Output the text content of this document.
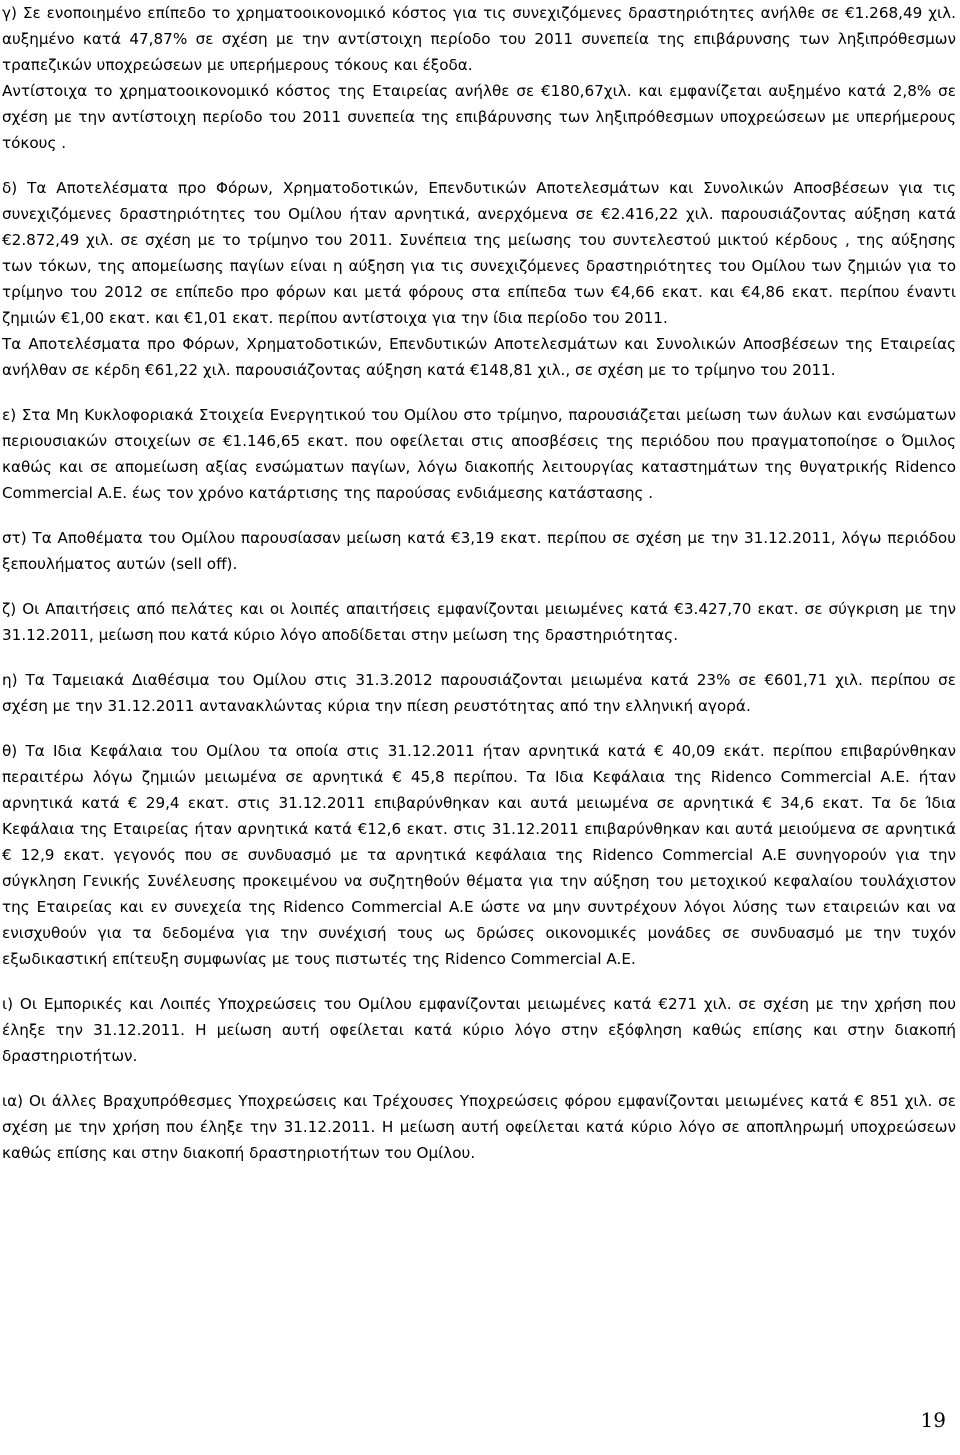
γ) Σε ενοποιημένο επίπεδο το χρηματοοικονομικό κόστος για τις συνεχιζόμενες δραστηριότητες ανήλθε σε €1.268,49 χιλ. αυξημένο κατά 47,87% σε σχέση με την αντίστοιχη περίοδο του 2011 συνεπεία της επιβάρυνσης των ληξιπρόθεσμων τραπεζικών υποχρεώσεων με υπερήμερους τόκους και έξοδα.

Αντίστοιχα το χρηματοοικονομικό κόστος της Εταιρείας ανήλθε σε €180,67χιλ. και εμφανίζεται αυξημένο κατά 2,8% σε σχέση με την αντίστοιχη περίοδο του 2011 συνεπεία της επιβάρυνσης των ληξιπρόθεσμων υποχρεώσεων με υπερήμερους τόκους .

δ) Τα Αποτελέσματα προ Φόρων, Χρηματοδοτικών, Επενδυτικών Αποτελεσμάτων και Συνολικών Αποσβέσεων για τις συνεχιζόμενες δραστηριότητες του Ομίλου ήταν αρνητικά, ανερχόμενα σε €2.416,22 χιλ. παρουσιάζοντας αύξηση κατά €2.872,49 χιλ. σε σχέση με το τρίμηνο του 2011. Συνέπεια της μείωσης του συντελεστού μικτού κέρδους , της αύξησης των τόκων, της απομείωσης παγίων είναι η αύξηση για τις συνεχιζόμενες δραστηριότητες του Ομίλου των ζημιών για το τρίμηνο του 2012 σε επίπεδο προ φόρων και μετά φόρους στα επίπεδα των €4,66 εκατ. και €4,86 εκατ. περίπου έναντι ζημιών €1,00 εκατ. και €1,01 εκατ. περίπου αντίστοιχα για την ίδια περίοδο του 2011.

Τα Αποτελέσματα προ Φόρων, Χρηματοδοτικών, Επενδυτικών Αποτελεσμάτων και Συνολικών Αποσβέσεων της Εταιρείας ανήλθαν σε κέρδη €61,22 χιλ. παρουσιάζοντας αύξηση κατά €148,81 χιλ., σε σχέση με το τρίμηνο του 2011.

ε) Στα Μη Κυκλοφοριακά Στοιχεία Ενεργητικού του Ομίλου στο τρίμηνο, παρουσιάζεται μείωση των άυλων και ενσώματων περιουσιακών στοιχείων σε €1.146,65 εκατ. που οφείλεται στις αποσβέσεις της περιόδου που πραγματοποίησε ο Όμιλος καθώς και σε απομείωση αξίας ενσώματων παγίων, λόγω διακοπής λειτουργίας καταστημάτων της θυγατρικής Ridenco Commercial A.E. έως τον χρόνο κατάρτισης της παρούσας ενδιάμεσης κατάστασης .

στ) Τα Αποθέματα του Ομίλου παρουσίασαν μείωση κατά €3,19 εκατ. περίπου σε σχέση με την 31.12.2011, λόγω περιόδου ξεπουλήματος αυτών (sell off).

ζ) Οι Απαιτήσεις από πελάτες και οι λοιπές απαιτήσεις εμφανίζονται μειωμένες κατά €3.427,70 εκατ. σε σύγκριση με την 31.12.2011, μείωση που κατά κύριο λόγο αποδίδεται στην μείωση της δραστηριότητας.

η) Τα Ταμειακά Διαθέσιμα του Ομίλου στις 31.3.2012 παρουσιάζονται μειωμένα κατά 23% σε €601,71 χιλ. περίπου σε σχέση με την 31.12.2011 αντανακλώντας κύρια την πίεση ρευστότητας από την ελληνική αγορά.

θ) Τα Ιδια Κεφάλαια του Ομίλου τα οποία στις 31.12.2011 ήταν αρνητικά κατά € 40,09 εκάτ. περίπου επιβαρύνθηκαν περαιτέρω λόγω ζημιών μειωμένα σε αρνητικά € 45,8 περίπου. Τα Ιδια Κεφάλαια της Ridenco Commercial A.E. ήταν αρνητικά κατά € 29,4 εκατ. στις 31.12.2011 επιβαρύνθηκαν και αυτά μειωμένα σε αρνητικά € 34,6 εκατ. Τα δε Ίδια Κεφάλαια της Εταιρείας ήταν αρνητικά κατά €12,6 εκατ. στις 31.12.2011 επιβαρύνθηκαν και αυτά μειούμενα σε αρνητικά € 12,9 εκατ. γεγονός που σε συνδυασμό με τα αρνητικά κεφάλαια της Ridenco Commercial A.E συνηγορούν για την σύγκληση Γενικής Συνέλευσης προκειμένου να συζητηθούν θέματα για την αύξηση του μετοχικού κεφαλαίου τουλάχιστον της Εταιρείας και εν συνεχεία της Ridenco Commercial A.E ώστε να μην συντρέχουν λόγοι λύσης των εταιρειών και να ενισχυθούν για τα δεδομένα για την συνέχισή τους ως δρώσες οικονομικές μονάδες σε συνδυασμό με την τυχόν εξωδικαστική επίτευξη συμφωνίας με τους πιστωτές της Ridenco Commercial A.E.

ι) Οι Εμπορικές και Λοιπές Υποχρεώσεις του Ομίλου εμφανίζονται μειωμένες κατά €271 χιλ. σε σχέση με την χρήση που έληξε την 31.12.2011. Η μείωση αυτή οφείλεται κατά κύριο λόγο στην εξόφληση καθώς επίσης και στην διακοπή δραστηριοτήτων.

ια) Οι άλλες Βραχυπρόθεσμες Υποχρεώσεις και Τρέχουσες Υποχρεώσεις φόρου εμφανίζονται μειωμένες κατά € 851 χιλ. σε σχέση με την χρήση που έληξε την 31.12.2011. Η μείωση αυτή οφείλεται κατά κύριο λόγο σε αποπληρωμή υποχρεώσεων καθώς επίσης και στην διακοπή δραστηριοτήτων του Ομίλου.

19
